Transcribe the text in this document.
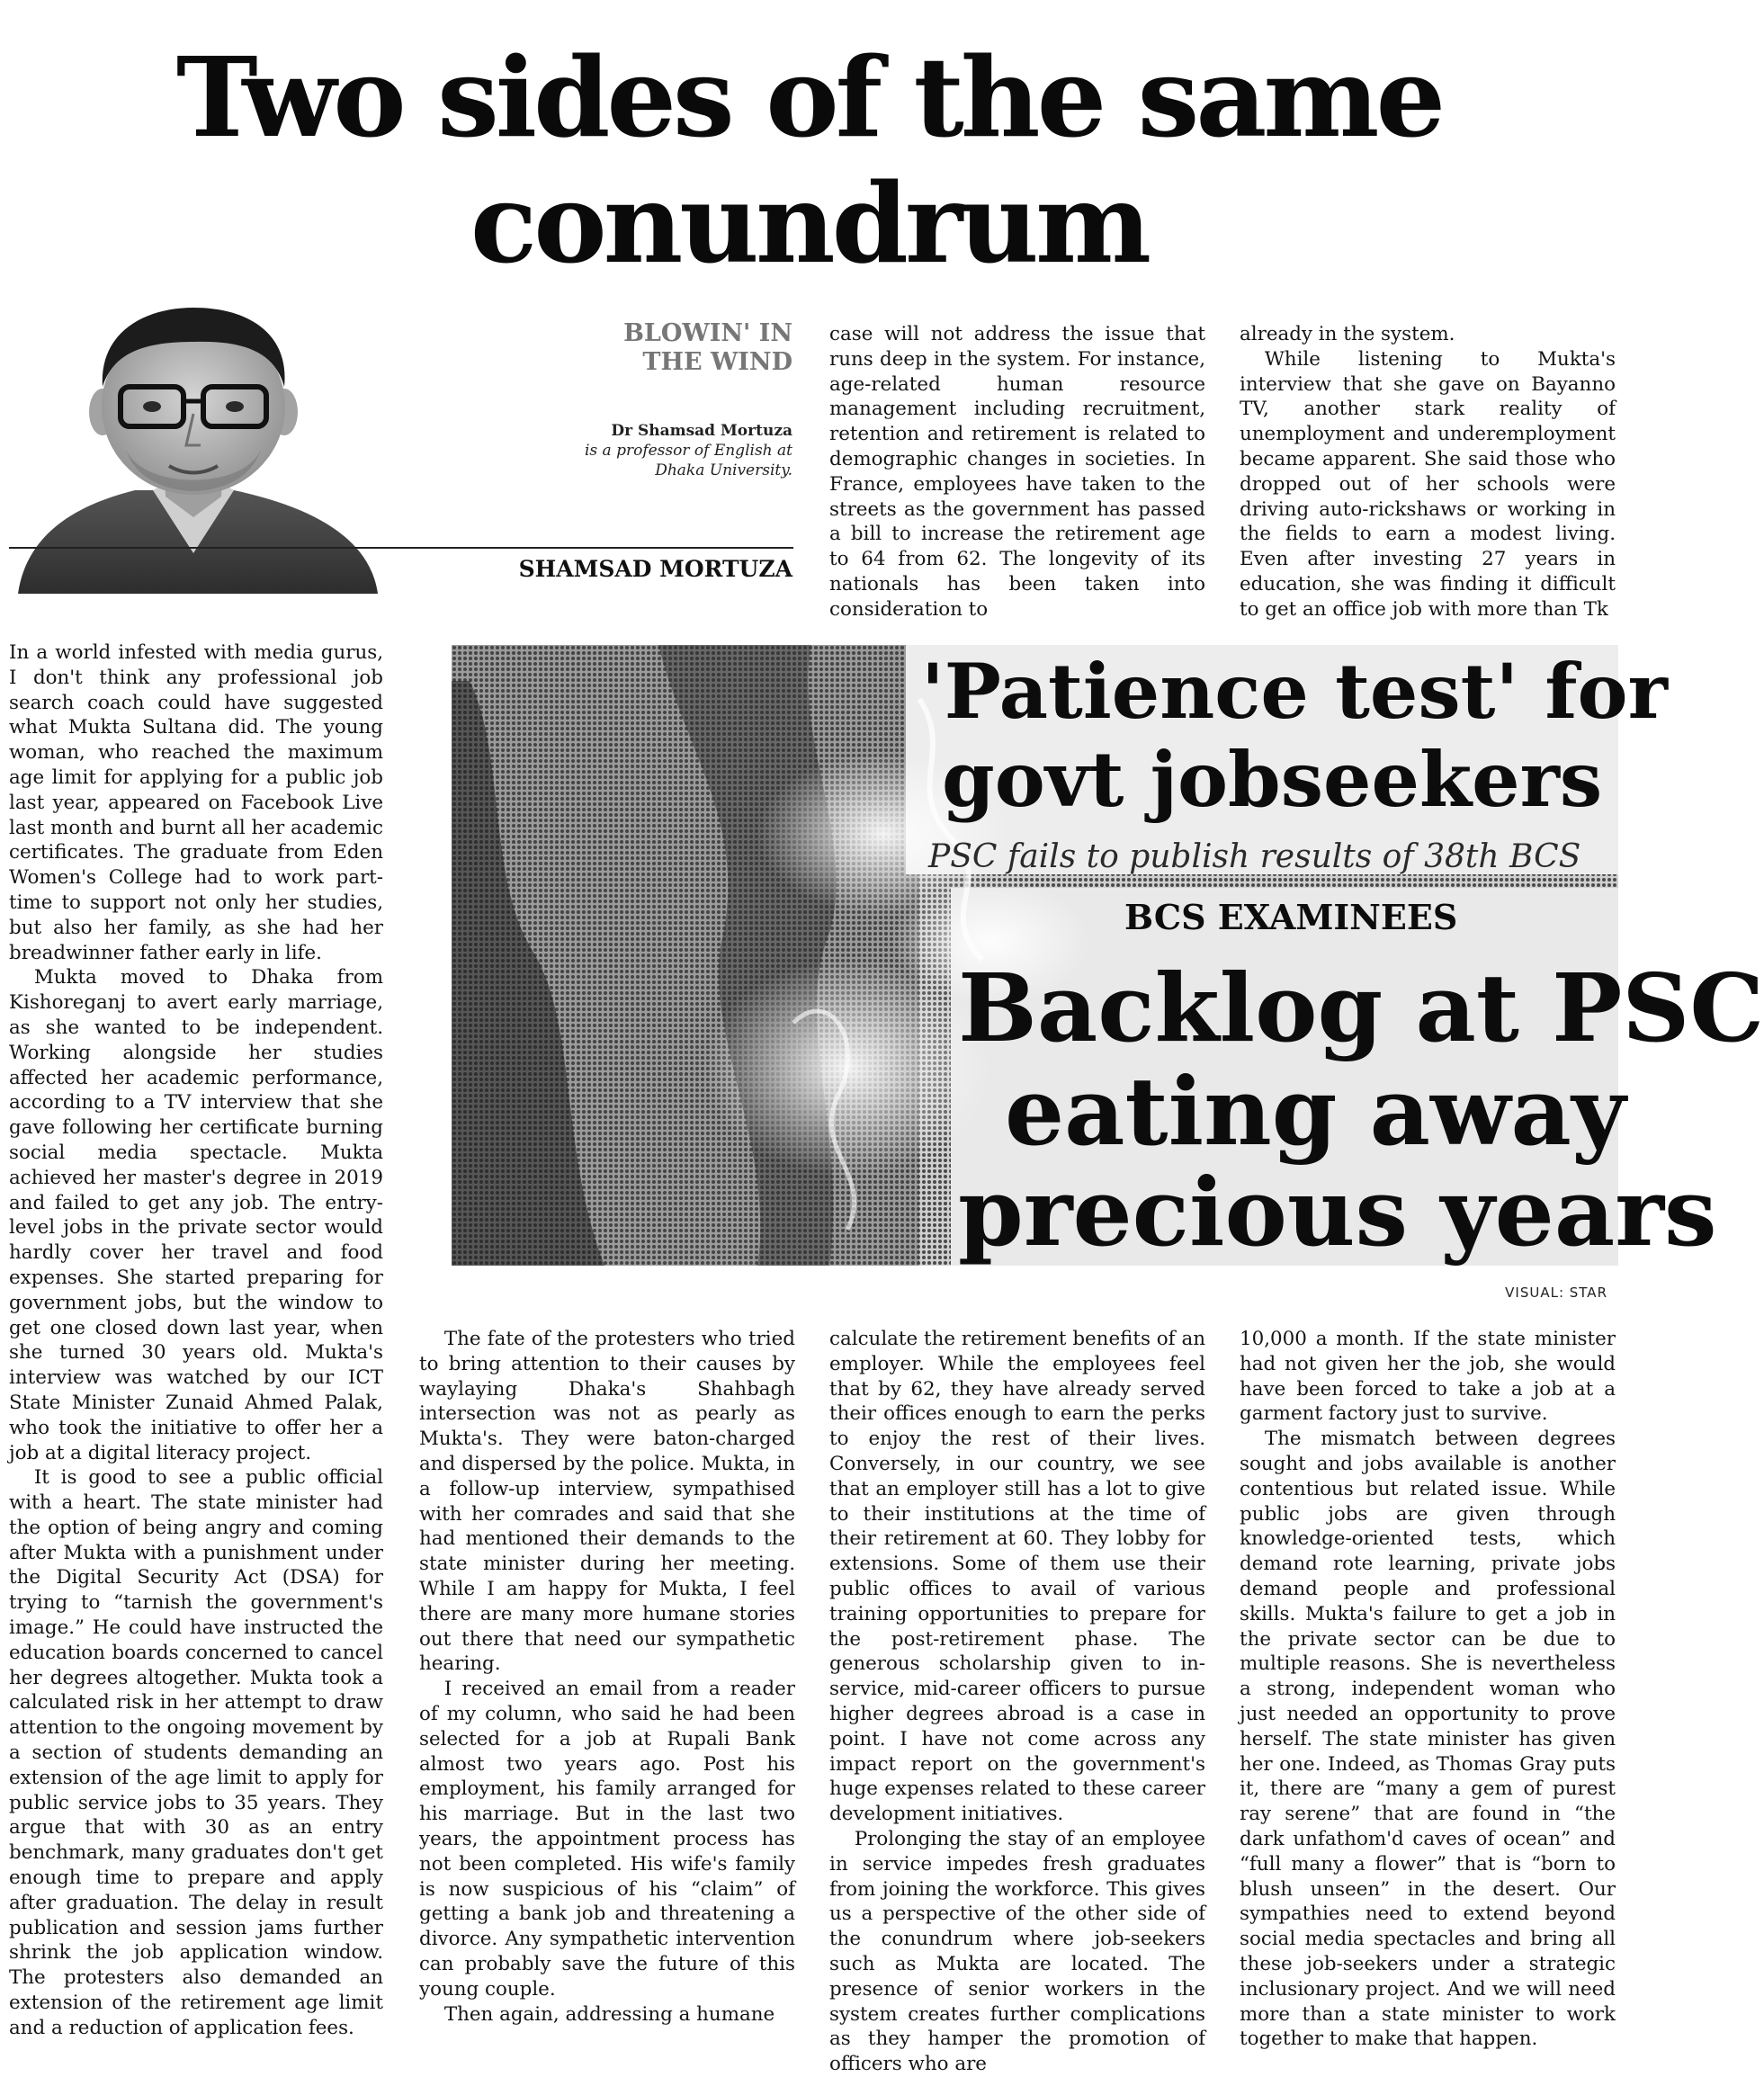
Two sides of the same
conundrum
BLOWIN' IN
THE WIND
Dr Shamsad Mortuza
is a professor of English at
Dhaka University.
SHAMSAD MORTUZA

case will not address the issue that runs deep in the system. For instance, age-related human resource management including recruitment, retention and retirement is related to demographic changes in societies. In France, employees have taken to the streets as the government has passed a bill to increase the retirement age to 64 from 62. The longevity of its nationals has been taken into consideration to

already in the system.

While listening to Mukta's interview that she gave on Bayanno TV, another stark reality of unemployment and underemployment became apparent. She said those who dropped out of her schools were driving auto-rickshaws or working in the fields to earn a modest living. Even after investing 27 years in education, she was finding it difficult to get an office job with more than Tk

In a world infested with media gurus, I don't think any professional job search coach could have suggested what Mukta Sultana did. The young woman, who reached the maximum age limit for applying for a public job last year, appeared on Facebook Live last month and burnt all her academic certificates. The graduate from Eden Women's College had to work part-time to support not only her studies, but also her family, as she had her breadwinner father early in life.

Mukta moved to Dhaka from Kishoreganj to avert early marriage, as she wanted to be independent. Working alongside her studies affected her academic performance, according to a TV interview that she gave following her certificate burning social media spectacle. Mukta achieved her master's degree in 2019 and failed to get any job. The entry-level jobs in the private sector would hardly cover her travel and food expenses. She started preparing for government jobs, but the window to get one closed down last year, when she turned 30 years old. Mukta's interview was watched by our ICT State Minister Zunaid Ahmed Palak, who took the initiative to offer her a job at a digital literacy project.

It is good to see a public official with a heart. The state minister had the option of being angry and coming after Mukta with a punishment under the Digital Security Act (DSA) for trying to “tarnish the government's image.” He could have instructed the education boards concerned to cancel her degrees altogether. Mukta took a calculated risk in her attempt to draw attention to the ongoing movement by a section of students demanding an extension of the age limit to apply for public service jobs to 35 years. They argue that with 30 as an entry benchmark, many graduates don't get enough time to prepare and apply after graduation. The delay in result publication and session jams further shrink the job application window. The protesters also demanded an extension of the retirement age limit and a reduction of application fees.

'Patience test' for
govt jobseekers
PSC fails to publish results of 38th BCS
BCS EXAMINEES
Backlog at PSC
eating away
precious years
VISUAL: STAR

The fate of the protesters who tried to bring attention to their causes by waylaying Dhaka's Shahbagh intersection was not as pearly as Mukta's. They were baton-charged and dispersed by the police. Mukta, in a follow-up interview, sympathised with her comrades and said that she had mentioned their demands to the state minister during her meeting. While I am happy for Mukta, I feel there are many more humane stories out there that need our sympathetic hearing.

I received an email from a reader of my column, who said he had been selected for a job at Rupali Bank almost two years ago. Post his employment, his family arranged for his marriage. But in the last two years, the appointment process has not been completed. His wife's family is now suspicious of his “claim” of getting a bank job and threatening a divorce. Any sympathetic intervention can probably save the future of this young couple.

Then again, addressing a humane

calculate the retirement benefits of an employer. While the employees feel that by 62, they have already served their offices enough to earn the perks to enjoy the rest of their lives. Conversely, in our country, we see that an employer still has a lot to give to their institutions at the time of their retirement at 60. They lobby for extensions. Some of them use their public offices to avail of various training opportunities to prepare for the post-retirement phase. The generous scholarship given to in-service, mid-career officers to pursue higher degrees abroad is a case in point. I have not come across any impact report on the government's huge expenses related to these career development initiatives.

Prolonging the stay of an employee in service impedes fresh graduates from joining the workforce. This gives us a perspective of the other side of the conundrum where job-seekers such as Mukta are located. The presence of senior workers in the system creates further complications as they hamper the promotion of officers who are

10,000 a month. If the state minister had not given her the job, she would have been forced to take a job at a garment factory just to survive.

The mismatch between degrees sought and jobs available is another contentious but related issue. While public jobs are given through knowledge-oriented tests, which demand rote learning, private jobs demand people and professional skills. Mukta's failure to get a job in the private sector can be due to multiple reasons. She is nevertheless a strong, independent woman who just needed an opportunity to prove herself. The state minister has given her one. Indeed, as Thomas Gray puts it, there are “many a gem of purest ray serene” that are found in “the dark unfathom'd caves of ocean” and “full many a flower” that is “born to blush unseen” in the desert. Our sympathies need to extend beyond social media spectacles and bring all these job-seekers under a strategic inclusionary project. And we will need more than a state minister to work together to make that happen.
